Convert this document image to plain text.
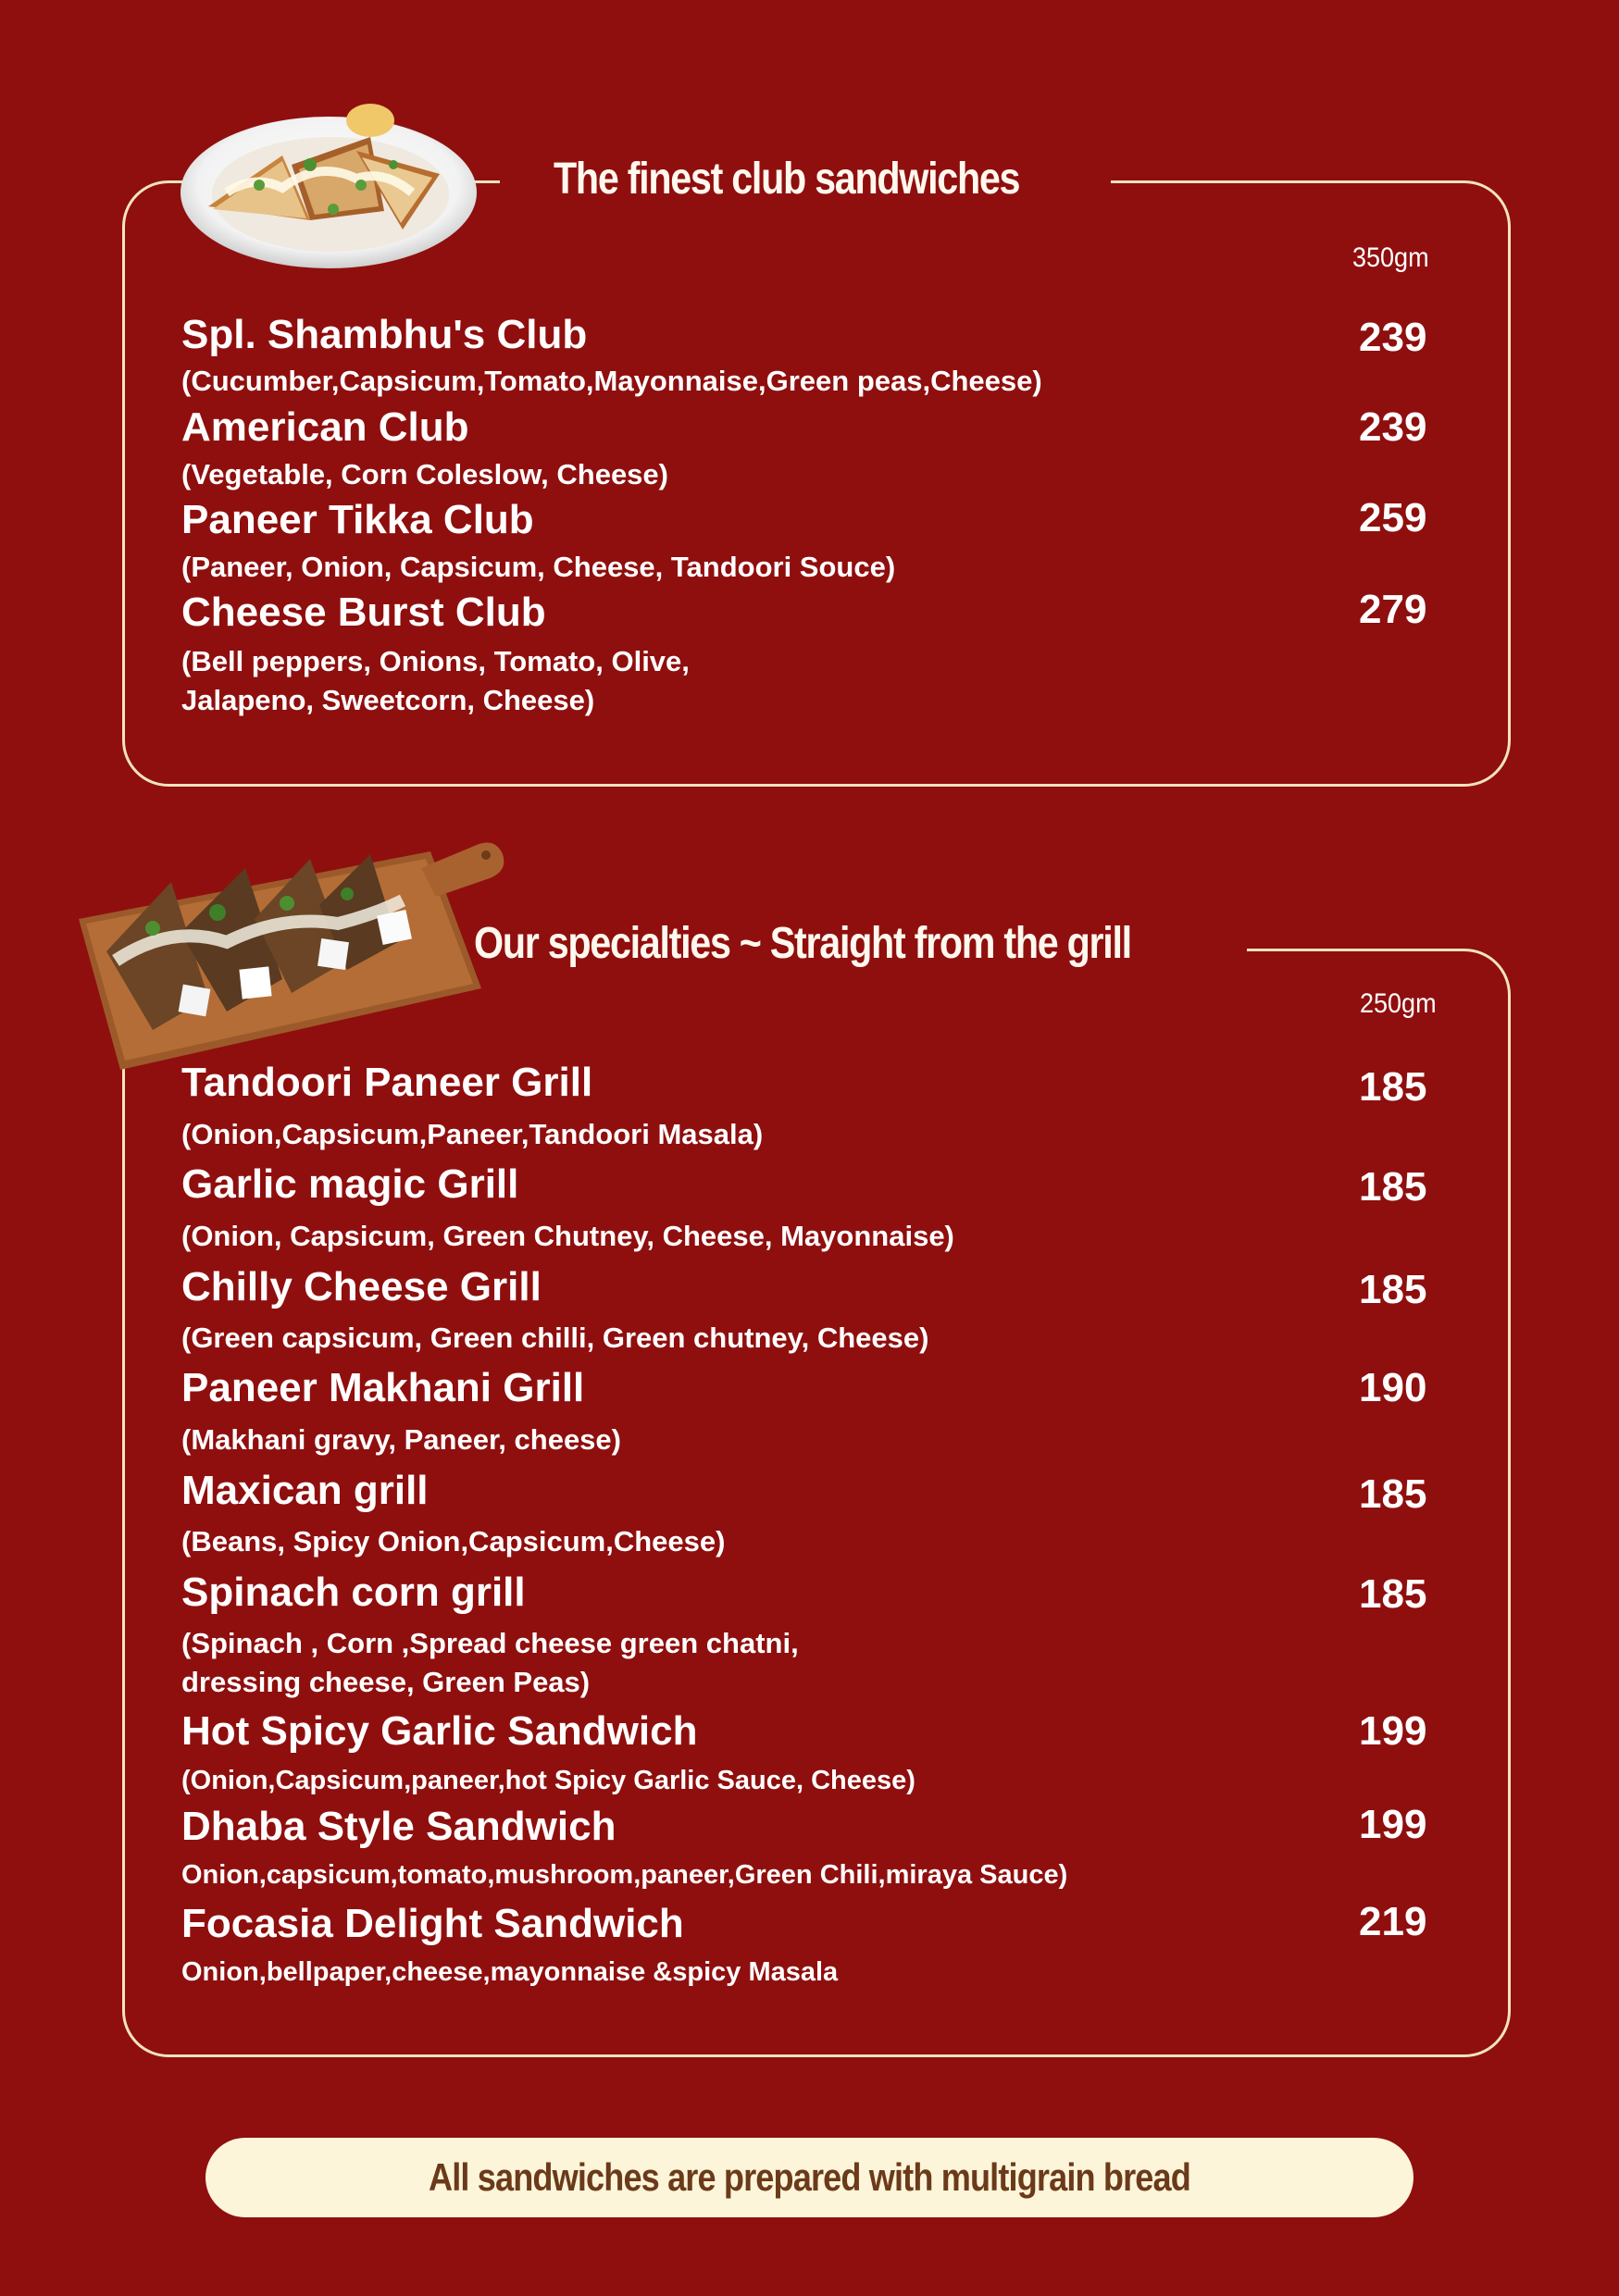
The finest club sandwiches
350gm
Spl. Shambhu's Club	239
(Cucumber,Capsicum,Tomato,Mayonnaise,Green peas,Cheese)
American Club	239
(Vegetable, Corn Coleslow, Cheese)
Paneer Tikka Club	259
(Paneer, Onion, Capsicum, Cheese, Tandoori Souce)
Cheese Burst Club	279
(Bell peppers, Onions, Tomato, Olive,
Jalapeno, Sweetcorn, Cheese)
Our specialties ~ Straight from the grill
250gm
Tandoori Paneer Grill	185
(Onion,Capsicum,Paneer,Tandoori Masala)
Garlic magic Grill	185
(Onion, Capsicum, Green Chutney, Cheese, Mayonnaise)
Chilly Cheese Grill	185
(Green capsicum, Green chilli, Green chutney, Cheese)
Paneer Makhani Grill	190
(Makhani gravy, Paneer, cheese)
Maxican grill	185
(Beans, Spicy Onion,Capsicum,Cheese)
Spinach corn grill	185
(Spinach , Corn ,Spread cheese green chatni,
dressing cheese, Green Peas)
Hot Spicy Garlic Sandwich	199
(Onion,Capsicum,paneer,hot Spicy Garlic Sauce, Cheese)
Dhaba Style Sandwich	199
Onion,capsicum,tomato,mushroom,paneer,Green Chili,miraya Sauce)
Focasia Delight Sandwich	219
Onion,bellpaper,cheese,mayonnaise &spicy Masala
All sandwiches are prepared with multigrain bread
